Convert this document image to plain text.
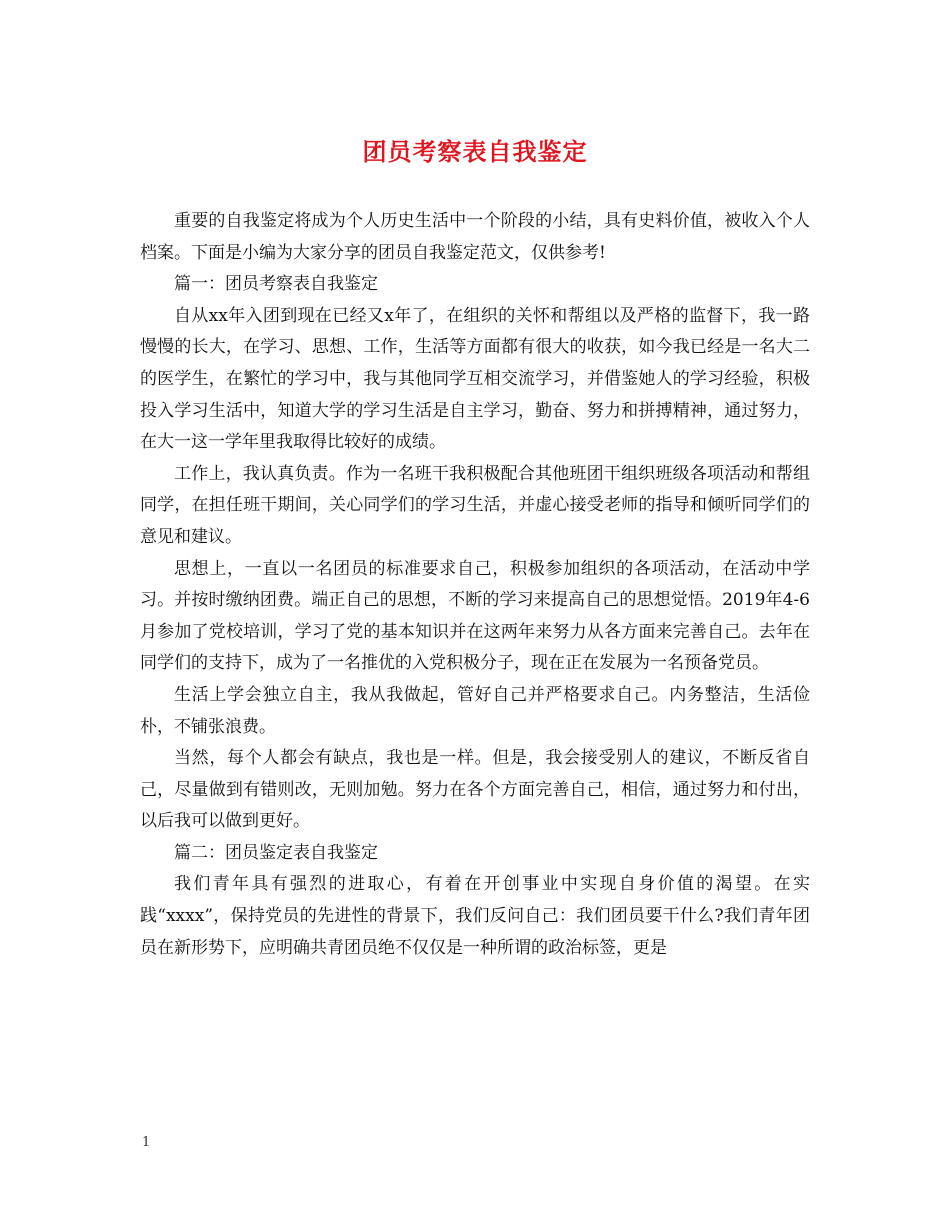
团员考察表自我鉴定

重要的自我鉴定将成为个人历史生活中一个阶段的小结，具有史料价值，被收入个人档案。下面是小编为大家分享的团员自我鉴定范文，仅供参考!

篇一：团员考察表自我鉴定

自从xx年入团到现在已经又x年了，在组织的关怀和帮组以及严格的监督下，我一路慢慢的长大，在学习、思想、工作，生活等方面都有很大的收获，如今我已经是一名大二的医学生，在繁忙的学习中，我与其他同学互相交流学习，并借鉴她人的学习经验，积极投入学习生活中，知道大学的学习生活是自主学习，勤奋、努力和拼搏精神，通过努力，在大一这一学年里我取得比较好的成绩。

工作上，我认真负责。作为一名班干我积极配合其他班团干组织班级各项活动和帮组同学，在担任班干期间，关心同学们的学习生活，并虚心接受老师的指导和倾听同学们的意见和建议。

思想上，一直以一名团员的标准要求自己，积极参加组织的各项活动，在活动中学习。并按时缴纳团费。端正自己的思想，不断的学习来提高自己的思想觉悟。2019年4-6月参加了党校培训，学习了党的基本知识并在这两年来努力从各方面来完善自己。去年在同学们的支持下，成为了一名推优的入党积极分子，现在正在发展为一名预备党员。

生活上学会独立自主，我从我做起，管好自己并严格要求自己。内务整洁，生活俭朴，不铺张浪费。

当然，每个人都会有缺点，我也是一样。但是，我会接受别人的建议，不断反省自己，尽量做到有错则改，无则加勉。努力在各个方面完善自己，相信，通过努力和付出，以后我可以做到更好。

篇二：团员鉴定表自我鉴定

我们青年具有强烈的进取心，有着在开创事业中实现自身价值的渴望。在实践“xxxx”，保持党员的先进性的背景下，我们反问自己：我们团员要干什么?我们青年团员在新形势下，应明确共青团员绝不仅仅是一种所谓的政治标签，更是

1
